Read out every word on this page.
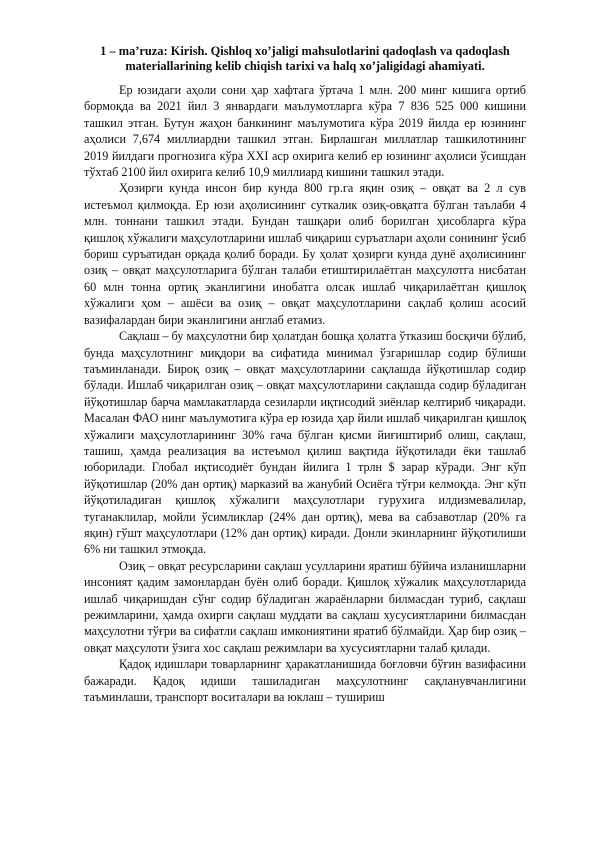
1 – ma’ruza: Kirish. Qishloq xo’jaligi mahsulotlarini qadoqlash va qadoqlash materiallarining kelib chiqish tarixi va halq xo’jaligidagi ahamiyati.

Ер юзидаги аҳоли сони ҳар хафтага ўртача 1 млн. 200 минг кишига ортиб бормоқда ва 2021 йил 3 январдаги маълумотларга кўра 7 836 525 000 кишини ташкил этган. Бутун жаҳон банкининг маълумотига кўра 2019 йилда ер юзининг аҳолиси 7,674 миллиардни ташкил этган. Бирлашган миллатлар ташкилотининг 2019 йилдаги прогнозига кўра XXI аср охирига келиб ер юзининг аҳолиси ўсишдан тўхтаб 2100 йил охирига келиб 10,9 миллиард кишини ташкил этади.

Ҳозирги кунда инсон бир кунда 800 гр.га яқин озиқ – овқат ва 2 л сув истеъмол қилмоқда. Ер юзи аҳолисининг суткалик озиқ-овқатга бўлган таълаби 4 млн. тоннани ташкил этади. Бундан ташқари олиб борилган ҳисобларга кўра қишлоқ хўжалиги маҳсулотларини ишлаб чиқариш суръатлари аҳоли сонининг ўсиб бориш суръатидан орқада қолиб боради. Бу ҳолат ҳозирги кунда дунё аҳолисининг озиқ – овқат маҳсулотларига бўлган талаби етиштирилаётган маҳсулотга нисбатан 60 млн тонна ортиқ эканлигини инобатга олсак ишлаб чиқарилаётган қишлоқ хўжалиги ҳом – ашёси ва озиқ – овқат маҳсулотларини сақлаб қолиш асосий вазифалардан бири эканлигини англаб етамиз.

Сақлаш – бу маҳсулотни бир ҳолатдан бошқа ҳолатга ўтказиш босқичи бўлиб, бунда маҳсулотнинг миқдори ва сифатида минимал ўзгаришлар содир бўлиши таъминланади. Бироқ озиқ – овқат маҳсулотларини сақлашда йўқотишлар содир бўлади. Ишлаб чиқарилган озиқ – овқат маҳсулотларини сақлашда содир бўладиган йўқотишлар барча мамлакатларда сезиларли иқтисодий зиёнлар келтириб чиқаради. Масалан ФАО нинг маълумотига кўра ер юзида ҳар йили ишлаб чиқарилган қишлоқ хўжалиги маҳсулотларининг 30% гача бўлган қисми йиғиштириб олиш, сақлаш, ташиш, ҳамда реализация ва истеъмол қилиш вақтида йўқотилади ёки ташлаб юборилади. Глобал иқтисодиёт бундан йилига 1 трлн $ зарар кўради. Энг кўп йўқотишлар (20% дан ортиқ) марказий ва жанубий Осиёга тўғри келмоқда. Энг кўп йўқотиладиган қишлоқ хўжалиги маҳсулотлари гурухига илдизмевалилар, туганаклилар, мойли ўсимликлар (24% дан ортиқ), мева ва сабзавотлар (20% га яқин) гўшт маҳсулотлари (12% дан ортиқ) киради. Донли экинларнинг йўқотилиши 6% ни ташкил этмоқда.

Озиқ – овқат ресурсларини сақлаш усулларини яратиш бўйича изланишларни инсоният қадим замонлардан буён олиб боради. Қишлоқ хўжалик маҳсулотларида ишлаб чиқаришдан сўнг содир бўладиган жараёнларни билмасдан туриб, сақлаш режимларини, ҳамда охирги сақлаш муддати ва сақлаш хусусиятларини билмасдан маҳсулотни тўғри ва сифатли сақлаш имкониятини яратиб бўлмайди. Ҳар бир озиқ – овқат маҳсулоти ўзига хос сақлаш режимлари ва хусусиятларни талаб қилади.

Қадоқ идишлари товарларнинг ҳаракатланишида боғловчи бўғин вазифасини бажаради. Қадоқ идиши ташиладиган маҳсулотнинг сақланувчанлигини таъминлаши, транспорт воситалари ва юклаш – тушириш
